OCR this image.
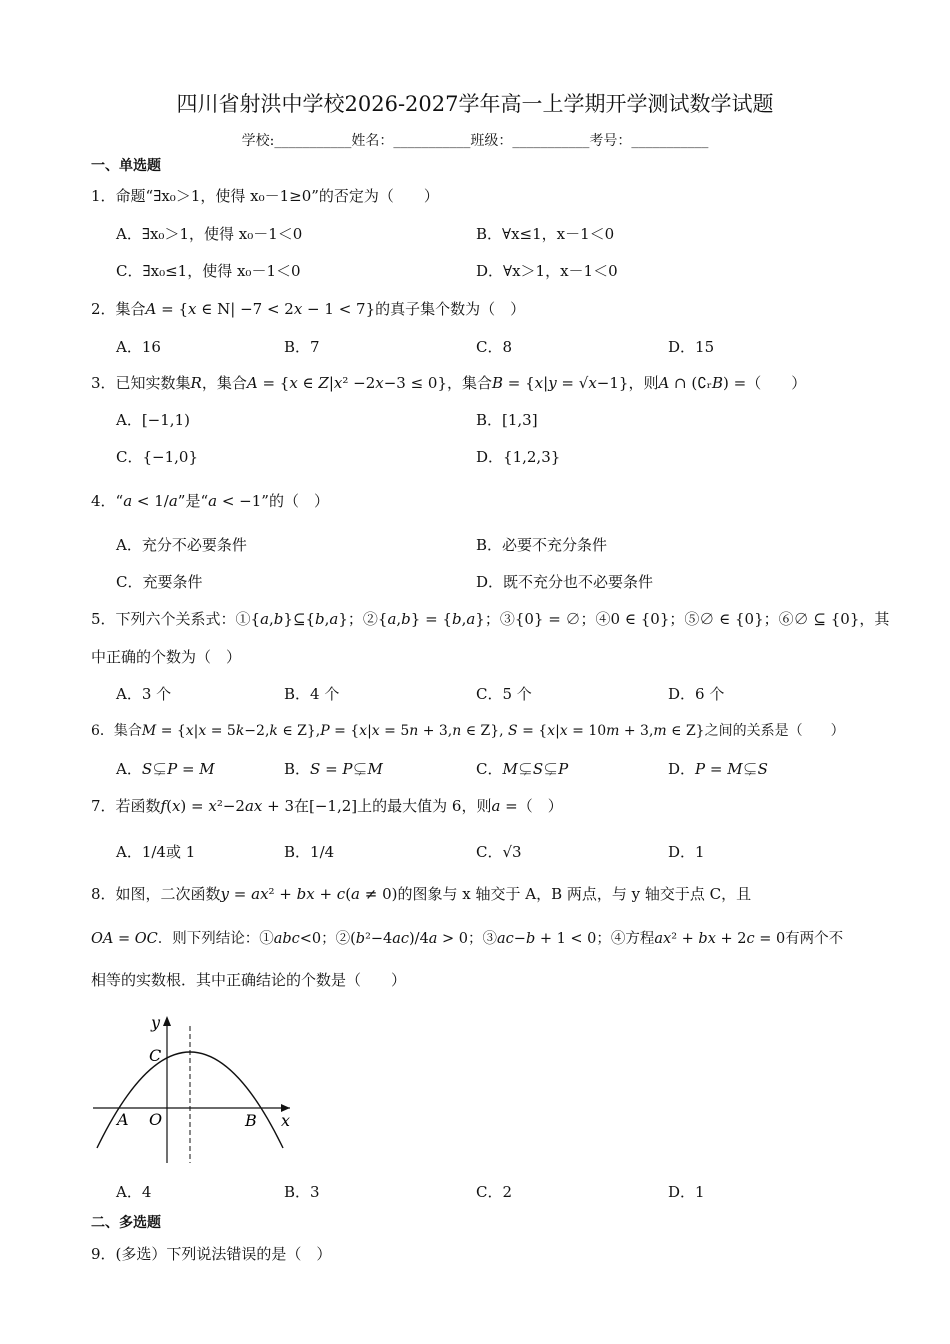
四川省射洪中学校2026-2027学年高一上学期开学测试数学试题
学校:___________姓名：___________班级：___________考号：___________
一、单选题
1．命题“∃x₀＞1，使得 x₀－1≥0”的否定为（　　）
A．∃x₀＞1，使得 x₀－1＜0	B．∀x≤1，x－1＜0
C．∃x₀≤1，使得 x₀－1＜0	D．∀x＞1，x－1＜0
2．集合𝐴 = {𝑥 ∈ N| −7 < 2𝑥 − 1 < 7}的真子集个数为（　）
A．16	B．7	C．8	D．15
3．已知实数集𝑅，集合𝐴 = {𝑥 ∈ 𝑍|𝑥² −2𝑥−3 ≤ 0}，集合𝐵 = {𝑥|𝑦 = √𝑥−1}，则𝐴 ∩ (∁ᵣ𝐵) =（　　）
A．[−1,1)	B．[1,3]
C．{−1,0}	D．{1,2,3}
4．“𝑎 < 1/𝑎”是“𝑎 < −1”的（　）
A．充分不必要条件	B．必要不充分条件
C．充要条件	D．既不充分也不必要条件
5．下列六个关系式：①{𝑎,𝑏}⊆{𝑏,𝑎}；②{𝑎,𝑏} = {𝑏,𝑎}；③{0} = ∅；④0 ∈ {0}；⑤∅ ∈ {0}；⑥∅ ⊆ {0}，其
中正确的个数为（　）
A．3 个	B．4 个	C．5 个	D．6 个
6．集合𝑀 = {𝑥|𝑥 = 5𝑘−2,𝑘 ∈ Z},𝑃 = {𝑥|𝑥 = 5𝑛 + 3,𝑛 ∈ Z}, 𝑆 = {𝑥|𝑥 = 10𝑚 + 3,𝑚 ∈ Z}之间的关系是（　　）
A．𝑆⊊𝑃 = 𝑀	B．𝑆 = 𝑃⊊𝑀	C．𝑀⊊𝑆⊊𝑃	D．𝑃 = 𝑀⊊𝑆
7．若函数𝑓(𝑥) = 𝑥²−2𝑎𝑥 + 3在[−1,2]上的最大值为 6，则𝑎 =（　）
A．1/4或 1	B．1/4	C．√3	D．1
8．如图，二次函数𝑦 = 𝑎𝑥² + 𝑏𝑥 + 𝑐(𝑎 ≠ 0)的图象与 x 轴交于 A，B 两点，与 y 轴交于点 C，且
𝑂𝐴 = 𝑂𝐶．则下列结论：①𝑎𝑏𝑐<0；②(𝑏²−4𝑎𝑐)/4𝑎 > 0；③𝑎𝑐−𝑏 + 1 < 0；④方程𝑎𝑥² + 𝑏𝑥 + 2𝑐 = 0有两个不
相等的实数根．其中正确结论的个数是（　　）
y
x
C
A O	B
A．4	B．3	C．2	D．1
二、多选题
9．(多选）下列说法错误的是（　）
